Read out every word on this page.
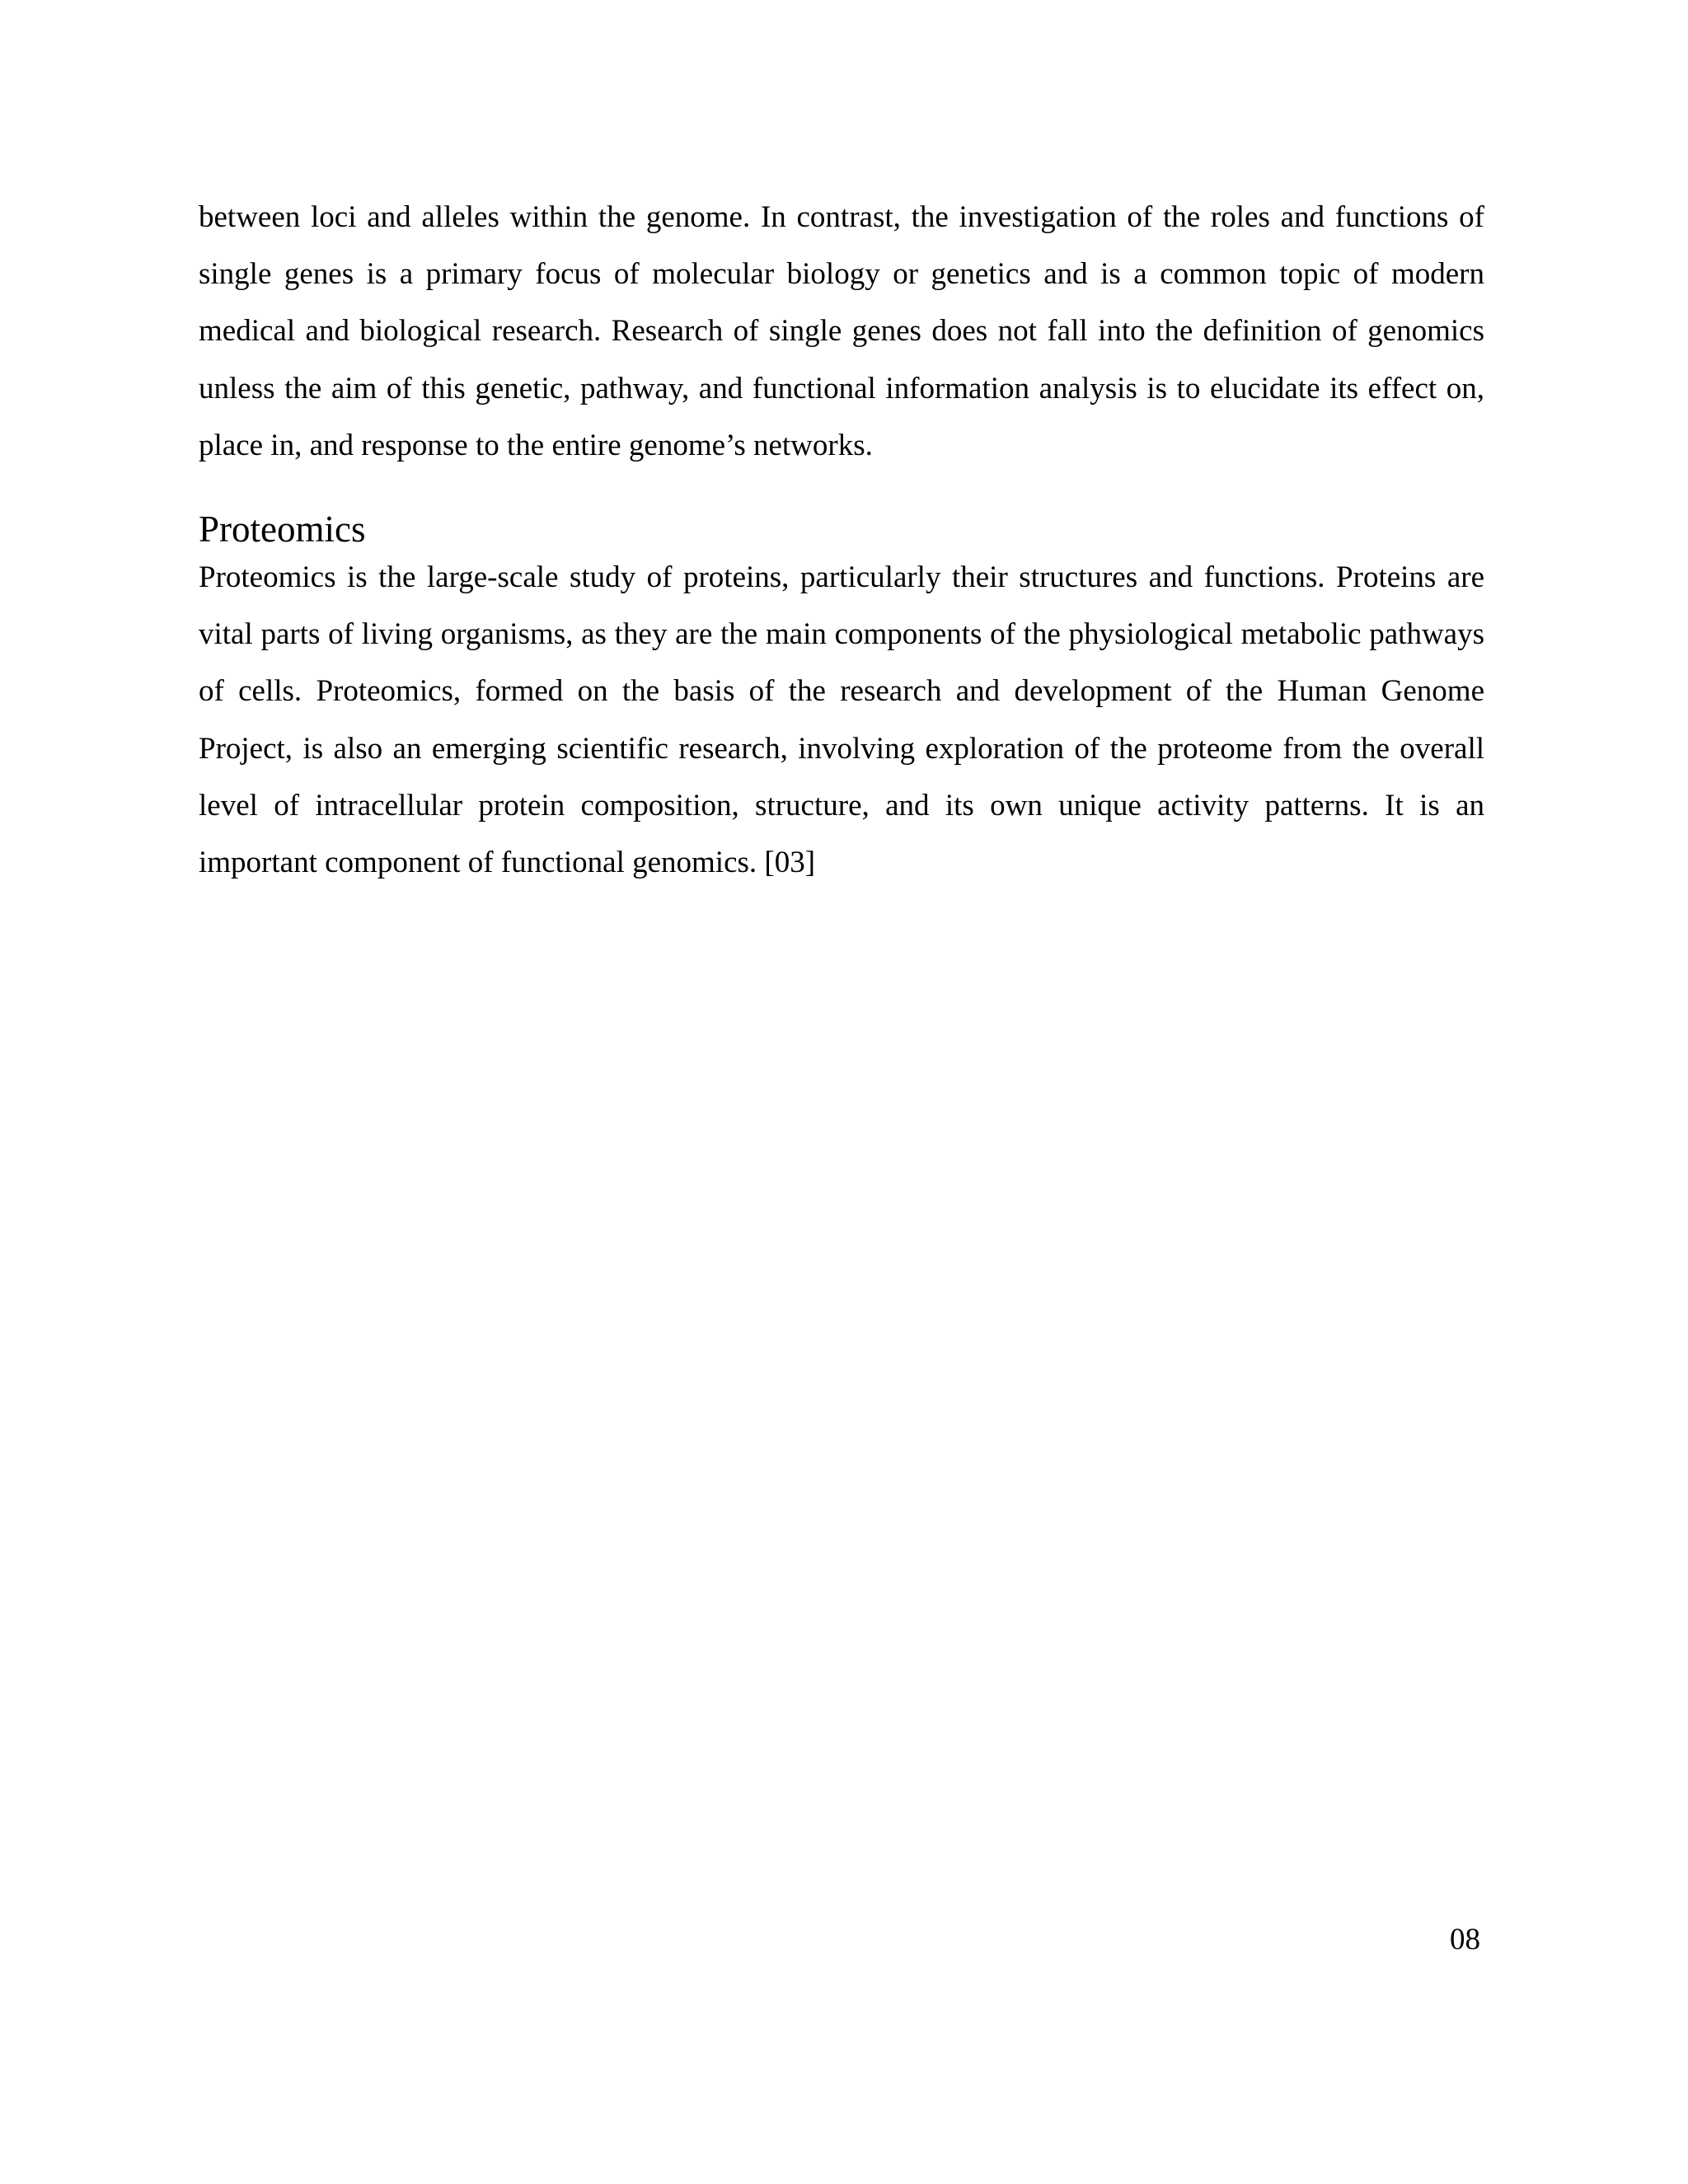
between loci and alleles within the genome. In contrast, the investigation of the roles and functions of single genes is a primary focus of molecular biology or genetics and is a common topic of modern medical and biological research. Research of single genes does not fall into the definition of genomics unless the aim of this genetic, pathway, and functional information analysis is to elucidate its effect on, place in, and response to the entire genome’s networks.

Proteomics

Proteomics is the large-scale study of proteins, particularly their structures and functions. Proteins are vital parts of living organisms, as they are the main components of the physiological metabolic pathways of cells. Proteomics, formed on the basis of the research and development of the Human Genome Project, is also an emerging scientific research, involving exploration of the proteome from the overall level of intracellular protein composition, structure, and its own unique activity patterns. It is an important component of functional genomics. [03]

08
